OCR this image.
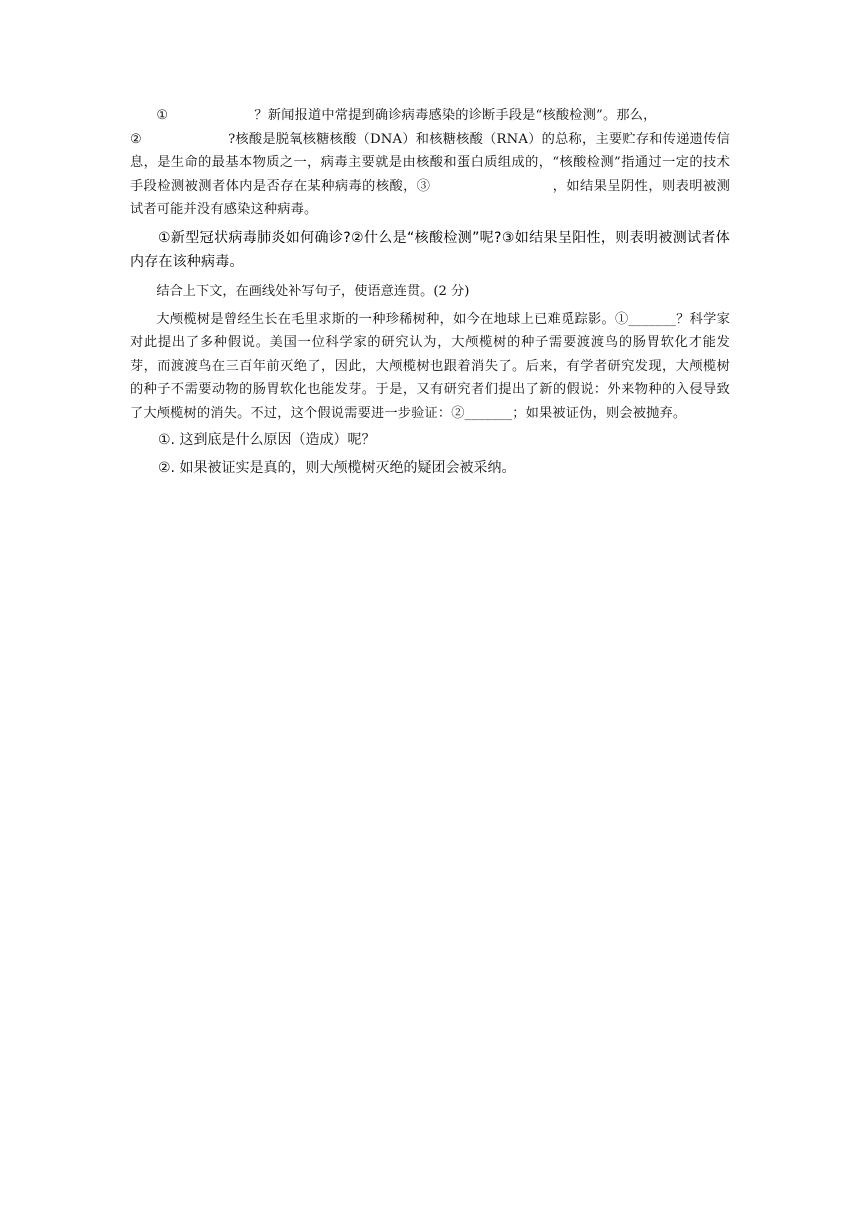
①	？新闻报道中常提到确诊病毒感染的诊断手段是“核酸检测”。那么，
②	?核酸是脱氧核糖核酸（DNA）和核糖核酸（RNA）的总称，主要贮存和传递遗传信息，是生命的最基本物质之一，病毒主要就是由核酸和蛋白质组成的，“核酸检测”指通过一定的技术手段检测被测者体内是否存在某种病毒的核酸，③	，如结果呈阴性，则表明被测试者可能并没有感染这种病毒。

①新型冠状病毒肺炎如何确诊?②什么是“核酸检测”呢?③如结果呈阳性，则表明被测试者体内存在该种病毒。

结合上下文，在画线处补写句子，使语意连贯。(2 分)

大颅榄树是曾经生长在毛里求斯的一种珍稀树种，如今在地球上已难觅踪影。①_______？科学家对此提出了多种假说。美国一位科学家的研究认为，大颅榄树的种子需要渡渡鸟的肠胃软化才能发芽，而渡渡鸟在三百年前灭绝了，因此，大颅榄树也跟着消失了。后来，有学者研究发现，大颅榄树的种子不需要动物的肠胃软化也能发芽。于是，又有研究者们提出了新的假说：外来物种的入侵导致了大颅榄树的消失。不过，这个假说需要进一步验证：②_______；如果被证伪，则会被抛弃。

①. 这到底是什么原因（造成）呢？

②. 如果被证实是真的，则大颅榄树灭绝的疑团会被采纳。
